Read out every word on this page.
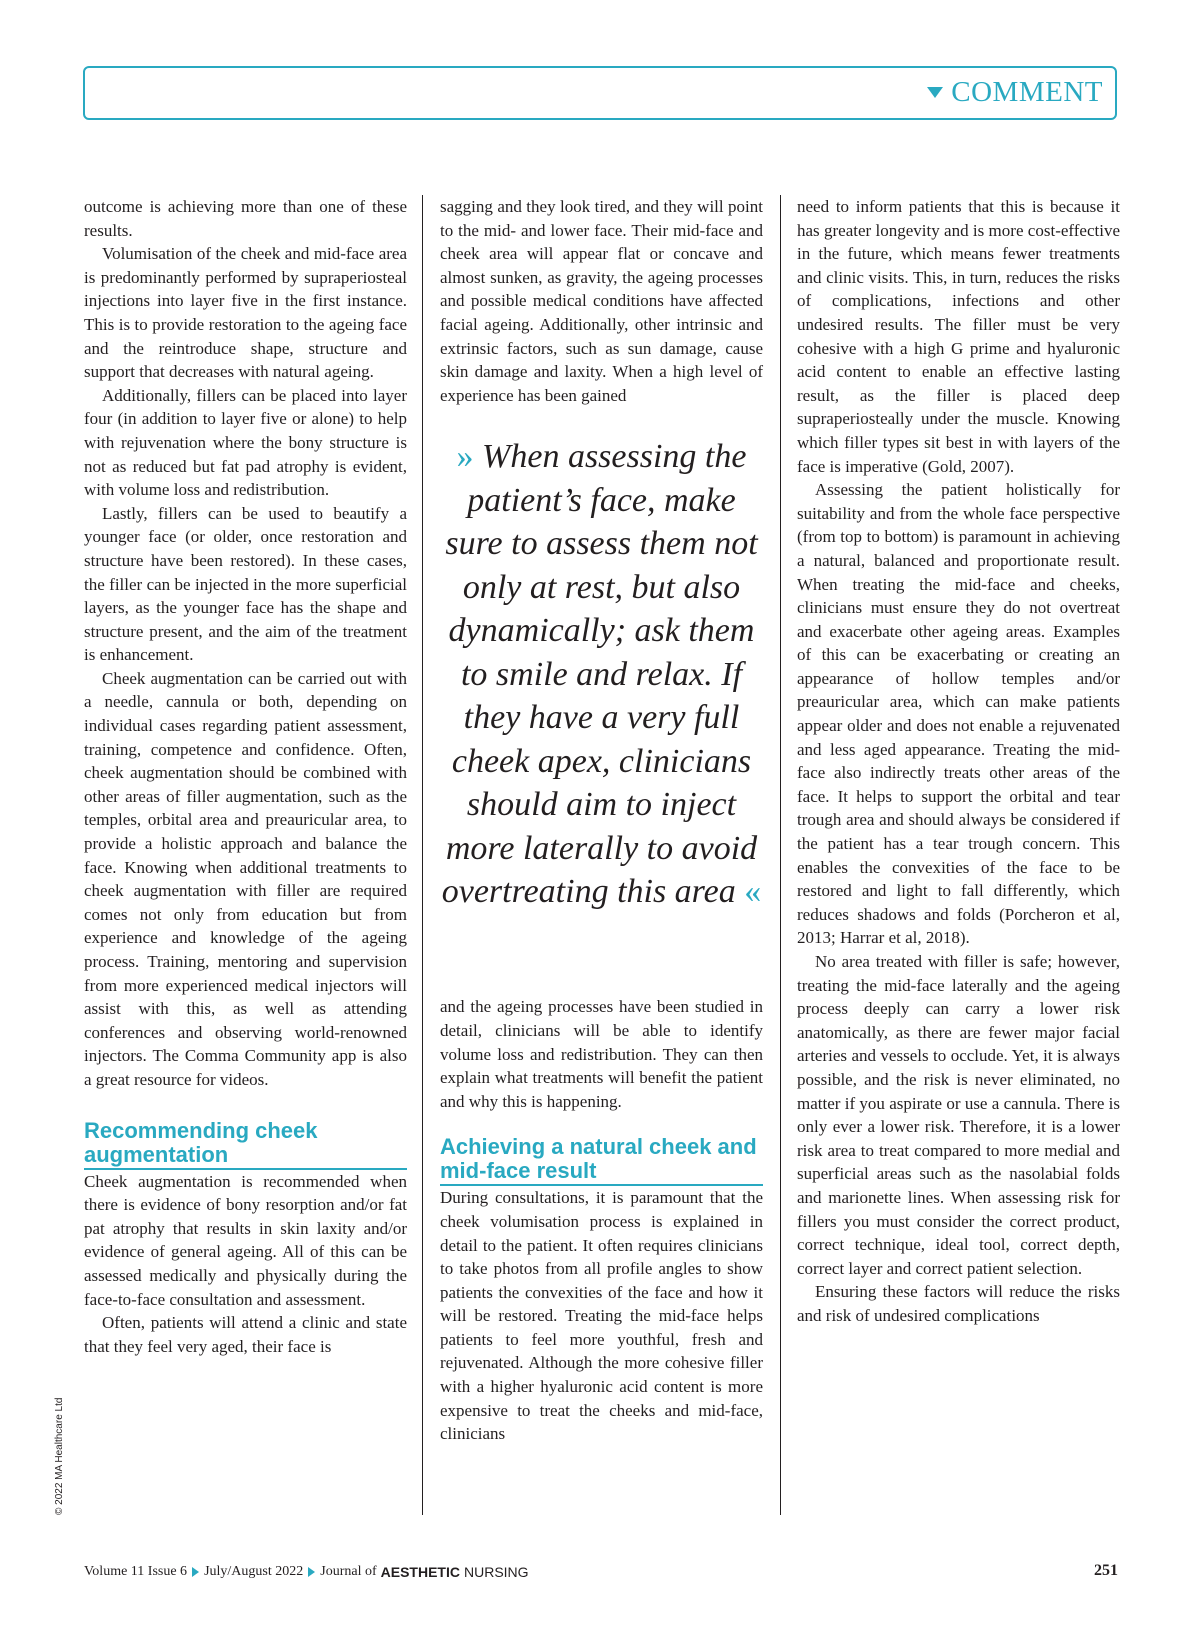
COMMENT

outcome is achieving more than one of these results.

Volumisation of the cheek and mid-face area is predominantly performed by supraperiosteal injections into layer five in the first instance. This is to provide restoration to the ageing face and the reintroduce shape, structure and support that decreases with natural ageing.

Additionally, fillers can be placed into layer four (in addition to layer five or alone) to help with rejuvenation where the bony structure is not as reduced but fat pad atrophy is evident, with volume loss and redistribution.

Lastly, fillers can be used to beautify a younger face (or older, once restoration and structure have been restored). In these cases, the filler can be injected in the more superficial layers, as the younger face has the shape and structure present, and the aim of the treatment is enhancement.

Cheek augmentation can be carried out with a needle, cannula or both, depending on individual cases regarding patient assessment, training, competence and confidence. Often, cheek augmentation should be combined with other areas of filler augmentation, such as the temples, orbital area and preauricular area, to provide a holistic approach and balance the face. Knowing when additional treatments to cheek augmentation with filler are required comes not only from education but from experience and knowledge of the ageing process. Training, mentoring and supervision from more experienced medical injectors will assist with this, as well as attending conferences and observing world-renowned injectors. The Comma Community app is also a great resource for videos.

Recommending cheek augmentation

Cheek augmentation is recommended when there is evidence of bony resorption and/or fat pat atrophy that results in skin laxity and/or evidence of general ageing. All of this can be assessed medically and physically during the face-to-face consultation and assessment.

Often, patients will attend a clinic and state that they feel very aged, their face is

sagging and they look tired, and they will point to the mid- and lower face. Their mid-face and cheek area will appear flat or concave and almost sunken, as gravity, the ageing processes and possible medical conditions have affected facial ageing. Additionally, other intrinsic and extrinsic factors, such as sun damage, cause skin damage and laxity. When a high level of experience has been gained

» When assessing the patient’s face, make sure to assess them not only at rest, but also dynamically; ask them to smile and relax. If they have a very full cheek apex, clinicians should aim to inject more laterally to avoid overtreating this area «

and the ageing processes have been studied in detail, clinicians will be able to identify volume loss and redistribution. They can then explain what treatments will benefit the patient and why this is happening.

Achieving a natural cheek and mid-face result

During consultations, it is paramount that the cheek volumisation process is explained in detail to the patient. It often requires clinicians to take photos from all profile angles to show patients the convexities of the face and how it will be restored. Treating the mid-face helps patients to feel more youthful, fresh and rejuvenated. Although the more cohesive filler with a higher hyaluronic acid content is more expensive to treat the cheeks and mid-face, clinicians

need to inform patients that this is because it has greater longevity and is more cost-effective in the future, which means fewer treatments and clinic visits. This, in turn, reduces the risks of complications, infections and other undesired results. The filler must be very cohesive with a high G prime and hyaluronic acid content to enable an effective lasting result, as the filler is placed deep supraperiosteally under the muscle. Knowing which filler types sit best in with layers of the face is imperative (Gold, 2007).

Assessing the patient holistically for suitability and from the whole face perspective (from top to bottom) is paramount in achieving a natural, balanced and proportionate result. When treating the mid-face and cheeks, clinicians must ensure they do not overtreat and exacerbate other ageing areas. Examples of this can be exacerbating or creating an appearance of hollow temples and/or preauricular area, which can make patients appear older and does not enable a rejuvenated and less aged appearance. Treating the mid-face also indirectly treats other areas of the face. It helps to support the orbital and tear trough area and should always be considered if the patient has a tear trough concern. This enables the convexities of the face to be restored and light to fall differently, which reduces shadows and folds (Porcheron et al, 2013; Harrar et al, 2018).

No area treated with filler is safe; however, treating the mid-face laterally and the ageing process deeply can carry a lower risk anatomically, as there are fewer major facial arteries and vessels to occlude. Yet, it is always possible, and the risk is never eliminated, no matter if you aspirate or use a cannula. There is only ever a lower risk. Therefore, it is a lower risk area to treat compared to more medial and superficial areas such as the nasolabial folds and marionette lines. When assessing risk for fillers you must consider the correct product, correct technique, ideal tool, correct depth, correct layer and correct patient selection.

Ensuring these factors will reduce the risks and risk of undesired complications

© 2022 MA Healthcare Ltd
Volume 11 Issue 6 July/August 2022 Journal of AESTHETIC NURSING	251
